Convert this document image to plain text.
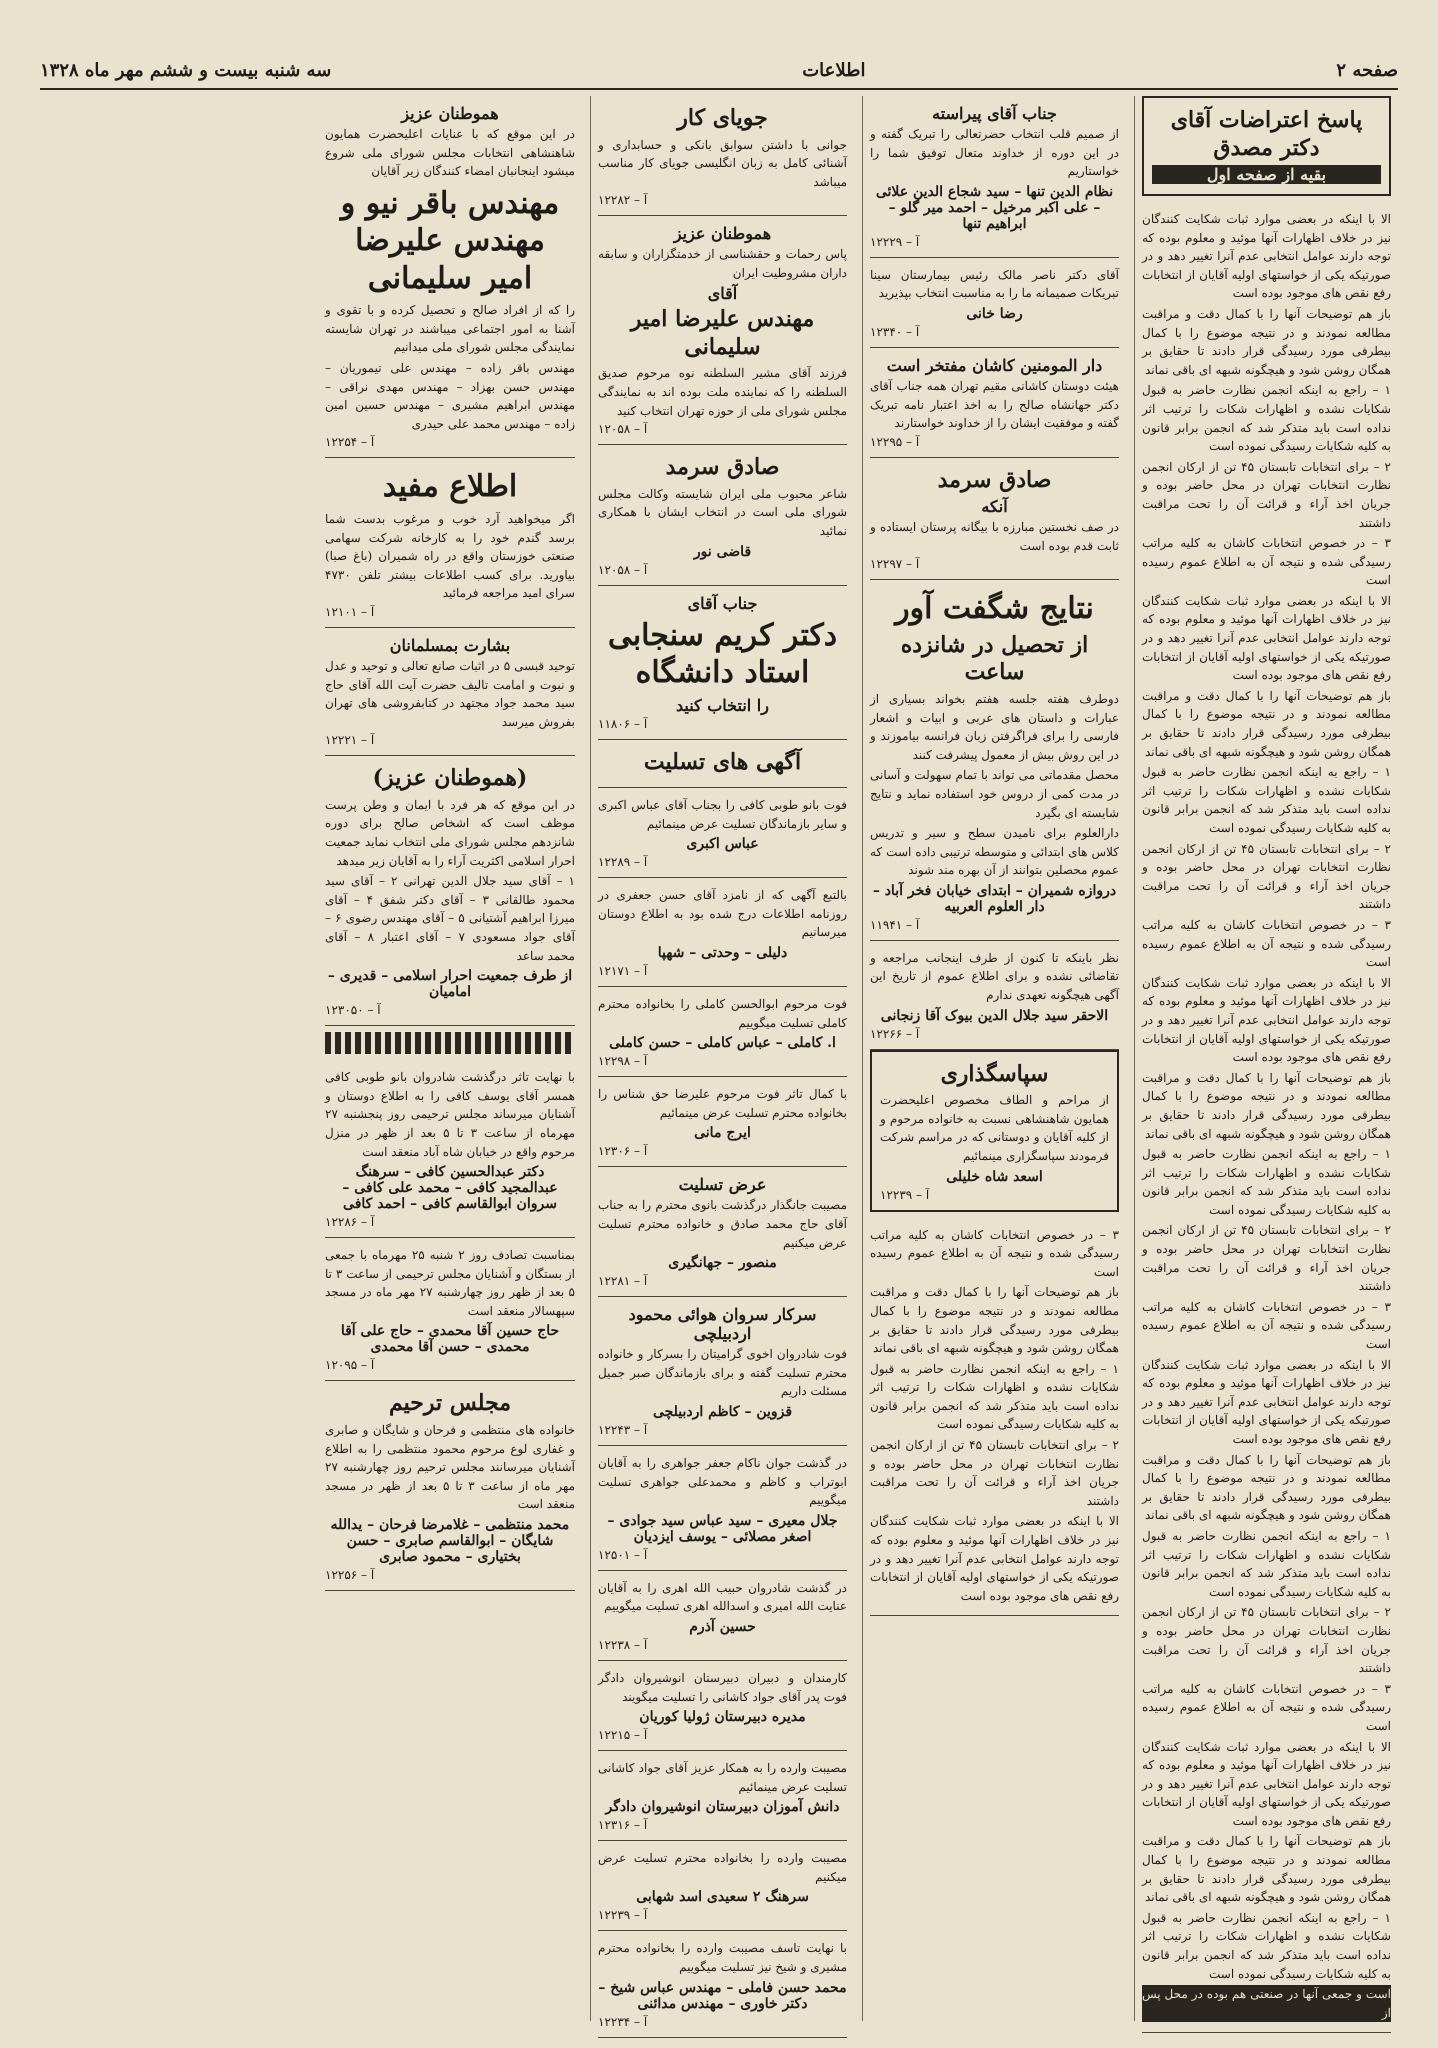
صفحه ۲
اطلاعات
سه شنبه بیست و ششم مهر ماه ۱۳۲۸
پاسخ اعتراضات آقای دکتر مصدق
بقیه از صفحه اول

الا با اینکه در بعضی موارد ثبات شکایت کنندگان نیز در خلاف اظهارات آنها موئید و معلوم بوده که توجه دارند عوامل انتخابی عدم آنرا تغییر دهد و در صورتیکه یکی از خواستهای اولیه آقایان از انتخابات رفع نقص های موجود بوده است

باز هم توضیحات آنها را با کمال دقت و مراقبت مطالعه نمودند و در نتیجه موضوع را با کمال بیطرفی مورد رسیدگی قرار دادند تا حقایق بر همگان روشن شود و هیچگونه شبهه ای باقی نماند

۱ – راجع به اینکه انجمن نظارت حاضر به قبول شکایات نشده و اظهارات شکات را ترتیب اثر نداده است باید متذکر شد که انجمن برابر قانون به کلیه شکایات رسیدگی نموده است

۲ – برای انتخابات تابستان ۴۵ تن از ارکان انجمن نظارت انتخابات تهران در محل حاضر بوده و جریان اخذ آراء و قرائت آن را تحت مراقبت داشتند

۳ – در خصوص انتخابات کاشان به کلیه مراتب رسیدگی شده و نتیجه آن به اطلاع عموم رسیده است

الا با اینکه در بعضی موارد ثبات شکایت کنندگان نیز در خلاف اظهارات آنها موئید و معلوم بوده که توجه دارند عوامل انتخابی عدم آنرا تغییر دهد و در صورتیکه یکی از خواستهای اولیه آقایان از انتخابات رفع نقص های موجود بوده است

باز هم توضیحات آنها را با کمال دقت و مراقبت مطالعه نمودند و در نتیجه موضوع را با کمال بیطرفی مورد رسیدگی قرار دادند تا حقایق بر همگان روشن شود و هیچگونه شبهه ای باقی نماند

۱ – راجع به اینکه انجمن نظارت حاضر به قبول شکایات نشده و اظهارات شکات را ترتیب اثر نداده است باید متذکر شد که انجمن برابر قانون به کلیه شکایات رسیدگی نموده است

۲ – برای انتخابات تابستان ۴۵ تن از ارکان انجمن نظارت انتخابات تهران در محل حاضر بوده و جریان اخذ آراء و قرائت آن را تحت مراقبت داشتند

۳ – در خصوص انتخابات کاشان به کلیه مراتب رسیدگی شده و نتیجه آن به اطلاع عموم رسیده است

الا با اینکه در بعضی موارد ثبات شکایت کنندگان نیز در خلاف اظهارات آنها موئید و معلوم بوده که توجه دارند عوامل انتخابی عدم آنرا تغییر دهد و در صورتیکه یکی از خواستهای اولیه آقایان از انتخابات رفع نقص های موجود بوده است

باز هم توضیحات آنها را با کمال دقت و مراقبت مطالعه نمودند و در نتیجه موضوع را با کمال بیطرفی مورد رسیدگی قرار دادند تا حقایق بر همگان روشن شود و هیچگونه شبهه ای باقی نماند

۱ – راجع به اینکه انجمن نظارت حاضر به قبول شکایات نشده و اظهارات شکات را ترتیب اثر نداده است باید متذکر شد که انجمن برابر قانون به کلیه شکایات رسیدگی نموده است

۲ – برای انتخابات تابستان ۴۵ تن از ارکان انجمن نظارت انتخابات تهران در محل حاضر بوده و جریان اخذ آراء و قرائت آن را تحت مراقبت داشتند

۳ – در خصوص انتخابات کاشان به کلیه مراتب رسیدگی شده و نتیجه آن به اطلاع عموم رسیده است

الا با اینکه در بعضی موارد ثبات شکایت کنندگان نیز در خلاف اظهارات آنها موئید و معلوم بوده که توجه دارند عوامل انتخابی عدم آنرا تغییر دهد و در صورتیکه یکی از خواستهای اولیه آقایان از انتخابات رفع نقص های موجود بوده است

باز هم توضیحات آنها را با کمال دقت و مراقبت مطالعه نمودند و در نتیجه موضوع را با کمال بیطرفی مورد رسیدگی قرار دادند تا حقایق بر همگان روشن شود و هیچگونه شبهه ای باقی نماند

۱ – راجع به اینکه انجمن نظارت حاضر به قبول شکایات نشده و اظهارات شکات را ترتیب اثر نداده است باید متذکر شد که انجمن برابر قانون به کلیه شکایات رسیدگی نموده است

۲ – برای انتخابات تابستان ۴۵ تن از ارکان انجمن نظارت انتخابات تهران در محل حاضر بوده و جریان اخذ آراء و قرائت آن را تحت مراقبت داشتند

۳ – در خصوص انتخابات کاشان به کلیه مراتب رسیدگی شده و نتیجه آن به اطلاع عموم رسیده است

الا با اینکه در بعضی موارد ثبات شکایت کنندگان نیز در خلاف اظهارات آنها موئید و معلوم بوده که توجه دارند عوامل انتخابی عدم آنرا تغییر دهد و در صورتیکه یکی از خواستهای اولیه آقایان از انتخابات رفع نقص های موجود بوده است

باز هم توضیحات آنها را با کمال دقت و مراقبت مطالعه نمودند و در نتیجه موضوع را با کمال بیطرفی مورد رسیدگی قرار دادند تا حقایق بر همگان روشن شود و هیچگونه شبهه ای باقی نماند

۱ – راجع به اینکه انجمن نظارت حاضر به قبول شکایات نشده و اظهارات شکات را ترتیب اثر نداده است باید متذکر شد که انجمن برابر قانون به کلیه شکایات رسیدگی نموده است

است و جمعی آنها در صنعتی هم بوده در محل پس از

جناب آقای پیراسته

از صمیم قلب انتخاب حضرتعالی را تبریک گفته و در این دوره از خداوند متعال توفیق شما را خواستاریم

نظام الدین تنها – سید شجاع الدین علائی – علی اکبر مرخیل – احمد میر گلو – ابراهیم تنها
آ – ۱۲۲۲۹

آقای دکتر ناصر مالک رئیس بیمارستان سینا تبریکات صمیمانه ما را به مناسبت انتخاب بپذیرید

رضا خانی
آ – ۱۲۳۴۰
دار المومنین کاشان مفتخر است

هیئت دوستان کاشانی مقیم تهران همه جناب آقای دکتر جهانشاه صالح را به اخذ اعتبار نامه تبریک گفته و موفقیت ایشان را از خداوند خواستارند

آ – ۱۲۲۹۵
صادق سرمد
آنکه

در صف نخستین مبارزه با بیگانه پرستان ایستاده و ثابت قدم بوده است

آ – ۱۲۲۹۷
نتایج شگفت آور
از تحصیل در شانزده ساعت

دوطرف هفته جلسه هفتم بخواند بسیاری از عبارات و داستان های عربی و ابیات و اشعار فارسی را برای فراگرفتن زبان فرانسه بیاموزند و در این روش بیش از معمول پیشرفت کنند

محصل مقدماتی می تواند با تمام سهولت و آسانی در مدت کمی از دروس خود استفاده نماید و نتایج شایسته ای بگیرد

دارالعلوم برای نامیدن سطح و سیر و تدریس کلاس های ابتدائی و متوسطه ترتیبی داده است که عموم محصلین بتوانند از آن بهره مند شوند

دروازه شمیران – ابتدای خیابان فخر آباد – دار العلوم العربیه
آ – ۱۱۹۴۱

نظر باینکه تا کنون از طرف اینجانب مراجعه و تقاضائی نشده و برای اطلاع عموم از تاریخ این آگهی هیچگونه تعهدی ندارم

الاحقر سید جلال الدین بیوک آقا زنجانی
آ – ۱۲۲۶۶
سپاسگذاری

از مراحم و الطاف مخصوص اعلیحضرت همایون شاهنشاهی نسبت به خانواده مرحوم و از کلیه آقایان و دوستانی که در مراسم شرکت فرمودند سپاسگزاری مینمائیم

اسعد شاه خلیلی
آ – ۱۲۲۳۹

۳ – در خصوص انتخابات کاشان به کلیه مراتب رسیدگی شده و نتیجه آن به اطلاع عموم رسیده است

باز هم توضیحات آنها را با کمال دقت و مراقبت مطالعه نمودند و در نتیجه موضوع را با کمال بیطرفی مورد رسیدگی قرار دادند تا حقایق بر همگان روشن شود و هیچگونه شبهه ای باقی نماند

۱ – راجع به اینکه انجمن نظارت حاضر به قبول شکایات نشده و اظهارات شکات را ترتیب اثر نداده است باید متذکر شد که انجمن برابر قانون به کلیه شکایات رسیدگی نموده است

۲ – برای انتخابات تابستان ۴۵ تن از ارکان انجمن نظارت انتخابات تهران در محل حاضر بوده و جریان اخذ آراء و قرائت آن را تحت مراقبت داشتند

الا با اینکه در بعضی موارد ثبات شکایت کنندگان نیز در خلاف اظهارات آنها موئید و معلوم بوده که توجه دارند عوامل انتخابی عدم آنرا تغییر دهد و در صورتیکه یکی از خواستهای اولیه آقایان از انتخابات رفع نقص های موجود بوده است

جویای کار

جوانی با داشتن سوابق بانکی و حسابداری و آشنائی کامل به زبان انگلیسی جویای کار مناسب میباشد

آ – ۱۲۲۸۲
هموطنان عزیز

پاس رحمات و حقشناسی از خدمتگزاران و سابقه داران مشروطیت ایران

آقای
مهندس علیرضا امیر سلیمانی

فرزند آقای مشیر السلطنه نوه مرحوم صدیق السلطنه را که نماینده ملت بوده اند به نمایندگی مجلس شورای ملی از حوزه تهران انتخاب کنید

آ – ۱۲۰۵۸
صادق سرمد

شاعر محبوب ملی ایران شایسته وکالت مجلس شورای ملی است در انتخاب ایشان با همکاری نمائید

قاضی نور
آ – ۱۲۰۵۸
جناب آقای
دکتر کریم سنجابی استاد دانشگاه
را انتخاب کنید
آ – ۱۱۸۰۶
آگهی های تسلیت

فوت بانو طوبی کافی را بجناب آقای عباس اکبری و سایر بازماندگان تسلیت عرض مینمائیم

عباس اکبری
آ – ۱۲۲۸۹

بالتبع آگهی که از نامزد آقای حسن جعفری در روزنامه اطلاعات درج شده بود به اطلاع دوستان میرسانیم

دلیلی – وحدتی – شهپا
آ – ۱۲۱۷۱

فوت مرحوم ابوالحسن کاملی را بخانواده محترم کاملی تسلیت میگوییم

ا. کاملی – عباس کاملی – حسن کاملی
آ – ۱۲۲۹۸

با کمال تاثر فوت مرحوم علیرضا حق شناس را بخانواده محترم تسلیت عرض مینمائیم

ایرج مانی
آ – ۱۲۳۰۶
عرض تسلیت

مصیبت جانگذار درگذشت بانوی محترم را به جناب آقای حاج محمد صادق و خانواده محترم تسلیت عرض میکنیم

منصور – جهانگیری
آ – ۱۲۲۸۱
سرکار سروان هوائی محمود اردبیلچی

فوت شادروان اخوی گرامیتان را بسرکار و خانواده محترم تسلیت گفته و برای بازماندگان صبر جمیل مسئلت داریم

قزوین – کاظم اردبیلچی
آ – ۱۲۲۴۳

در گذشت جوان ناکام جعفر جواهری را به آقایان ابوتراب و کاظم و محمدعلی جواهری تسلیت میگوییم

جلال معیری – سید عباس سید جوادی – اصغر مصلائی – یوسف ایزدیان
آ – ۱۲۵۰۱

در گذشت شادروان حبیب الله اهری را به آقایان عنایت الله امیری و اسدالله اهری تسلیت میگوییم

حسین آذرم
آ – ۱۲۲۳۸

کارمندان و دبیران دبیرستان انوشیروان دادگر فوت پدر آقای جواد کاشانی را تسلیت میگویند

مدیره دبیرستان ژولیا کوریان
آ – ۱۲۲۱۵

مصیبت وارده را به همکار عزیز آقای جواد کاشانی تسلیت عرض مینمائیم

دانش آموزان دبیرستان انوشیروان دادگر
آ – ۱۲۳۱۶

مصیبت وارده را بخانواده محترم تسلیت عرض میکنیم

سرهنگ ۲ سعیدی اسد شهابی
آ – ۱۲۲۳۹

با نهایت تاسف مصیبت وارده را بخانواده محترم مشیری و شیخ نیز تسلیت میگوییم

محمد حسن فاملی – مهندس عباس شیخ – دکتر خاوری – مهندس مدائنی
آ – ۱۲۲۳۴
هموطنان عزیز

در این موقع که با عنایات اعلیحضرت همایون شاهنشاهی انتخابات مجلس شورای ملی شروع میشود اینجانبان امضاء کنندگان زیر آقایان

مهندس باقر نیو و مهندس علیرضا امیر سلیمانی

را که از افراد صالح و تحصیل کرده و با تقوی و آشنا به امور اجتماعی میباشند در تهران شایسته نمایندگی مجلس شورای ملی میدانیم

مهندس باقر زاده – مهندس علی تیموریان – مهندس حسن بهزاد – مهندس مهدی نراقی – مهندس ابراهیم مشیری – مهندس حسین امین زاده – مهندس محمد علی حیدری

آ – ۱۲۲۵۴
اطلاع مفید

اگر میخواهید آرد خوب و مرغوب بدست شما برسد گندم خود را به کارخانه شرکت سهامی صنعتی خوزستان واقع در راه شمیران (باغ صبا) بیاورید. برای کسب اطلاعات بیشتر تلفن ۴۷۳۰ سرای امید مراجعه فرمائید

آ – ۱۲۱۰۱
بشارت بمسلمانان

توحید قبسی ۵ در اثبات صانع تعالی و توحید و عدل و نبوت و امامت تالیف حضرت آیت الله آقای حاج سید محمد جواد مجتهد در کتابفروشی های تهران بفروش میرسد

آ – ۱۲۲۲۱
(هموطنان عزیز)

در این موقع که هر فرد با ایمان و وطن پرست موظف است که اشخاص صالح برای دوره شانزدهم مجلس شورای ملی انتخاب نماید جمعیت احرار اسلامی اکثریت آراء را به آقایان زیر میدهد

۱ – آقای سید جلال الدین تهرانی ۲ – آقای سید محمود طالقانی ۳ – آقای دکتر شفق ۴ – آقای میرزا ابراهیم آشتیانی ۵ – آقای مهندس رضوی ۶ – آقای جواد مسعودی ۷ – آقای اعتبار ۸ – آقای محمد ساعد

از طرف جمعیت احرار اسلامی – قدیری – امامیان
آ – ۱۲۳۰۵۰

با نهایت تاثر درگذشت شادروان بانو طوبی کافی همسر آقای یوسف کافی را به اطلاع دوستان و آشنایان میرساند مجلس ترحیمی روز پنجشنبه ۲۷ مهرماه از ساعت ۳ تا ۵ بعد از ظهر در منزل مرحوم واقع در خیابان شاه آباد منعقد است

دکتر عبدالحسین کافی – سرهنگ عبدالمجید کافی – محمد علی کافی – سروان ابوالقاسم کافی – احمد کافی
آ – ۱۲۲۸۶

بمناسبت تصادف روز ۲ شنبه ۲۵ مهرماه با جمعی از بستگان و آشنایان مجلس ترحیمی از ساعت ۳ تا ۵ بعد از ظهر روز چهارشنبه ۲۷ مهر ماه در مسجد سپهسالار منعقد است

حاج حسین آقا محمدی – حاج علی آقا محمدی – حسن آقا محمدی
آ – ۱۲۰۹۵
مجلس ترحیم

خانواده های منتظمی و فرحان و شایگان و صابری و غفاری لوع مرحوم محمود منتظمی را به اطلاع آشنایان میرسانند مجلس ترحیم روز چهارشنبه ۲۷ مهر ماه از ساعت ۳ تا ۵ بعد از ظهر در مسجد منعقد است

محمد منتظمی – غلامرضا فرحان – یدالله شایگان – ابوالقاسم صابری – حسن بختیاری – محمود صابری
آ – ۱۲۲۵۶
